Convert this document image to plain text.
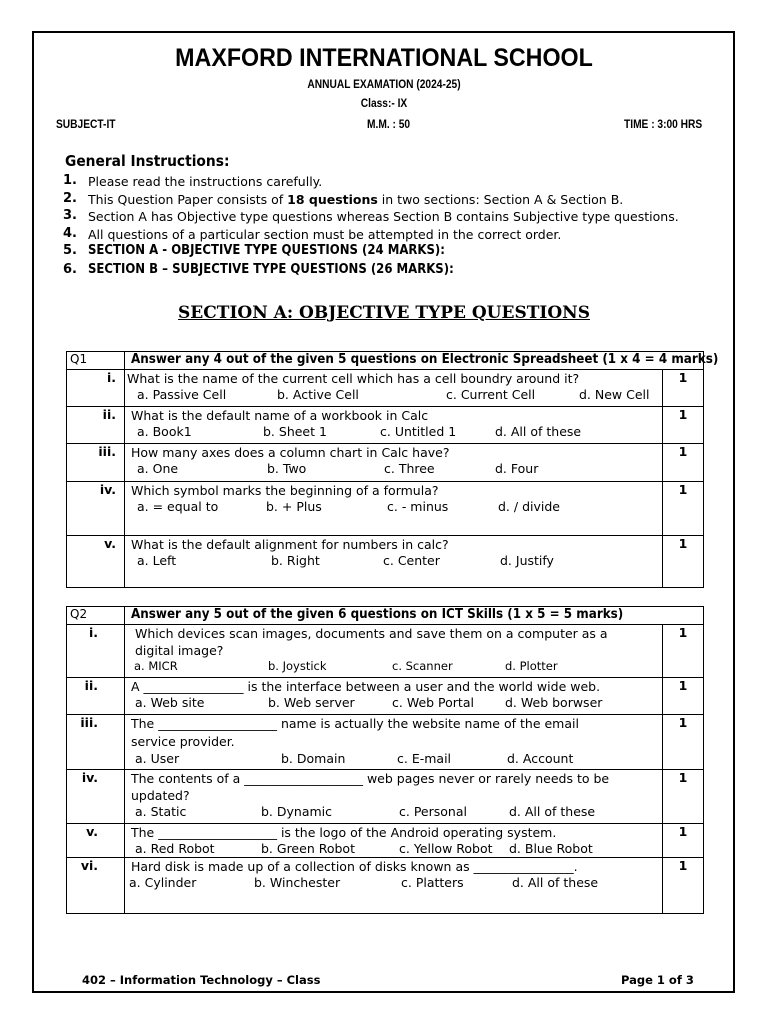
MAXFORD INTERNATIONAL SCHOOL
ANNUAL EXAMATION (2024-25)
Class:- IX
SUBJECT-IT	M.M. : 50	TIME : 3:00 HRS
General Instructions:
1. Please read the instructions carefully.
2. This Question Paper consists of 18 questions in two sections: Section A & Section B.
3. Section A has Objective type questions whereas Section B contains Subjective type questions.
4. All questions of a particular section must be attempted in the correct order.
5. SECTION A - OBJECTIVE TYPE QUESTIONS (24 MARKS):
6. SECTION B – SUBJECTIVE TYPE QUESTIONS (26 MARKS):
SECTION A: OBJECTIVE TYPE QUESTIONS
Q1	Answer any 4 out of the given 5 questions on Electronic Spreadsheet (1 x 4 = 4 marks)	
i.	What is the name of the current cell which has a cell boundry around it?
a. Passive Cell b. Active Cell c. Current Cell d. New Cell	1
ii.	What is the default name of a workbook in Calc
a. Book1 b. Sheet 1 c. Untitled 1 d. All of these	1
iii.	How many axes does a column chart in Calc have?
a. One b. Two c. Three d. Four	1
iv.	Which symbol marks the beginning of a formula?
a. = equal to b. + Plus c. - minus d. / divide	1
v.	What is the default alignment for numbers in calc?
a. Left b. Right c. Center d. Justify	1
Q2	Answer any 5 out of the given 6 questions on ICT Skills (1 x 5 = 5 marks)	
i.	Which devices scan images, documents and save them on a computer as a digital image?
a. MICR b. Joystick c. Scanner d. Plotter	1
ii.	A ________________ is the interface between a user and the world wide web.
a. Web site b. Web server c. Web Portal d. Web borwser	1
iii.	The ___________________ name is actually the website name of the email service provider.
a. User b. Domain c. E-mail d. Account	1
iv.	The contents of a ___________________ web pages never or rarely needs to be updated?
a. Static b. Dynamic c. Personal d. All of these	1
v.	The ___________________ is the logo of the Android operating system.
a. Red Robot b. Green Robot c. Yellow Robot d. Blue Robot	1
vi.	Hard disk is made up of a collection of disks known as ________________.
a. Cylinder b. Winchester c. Platters d. All of these	1
402 – Information Technology – Class	Page 1 of 3
